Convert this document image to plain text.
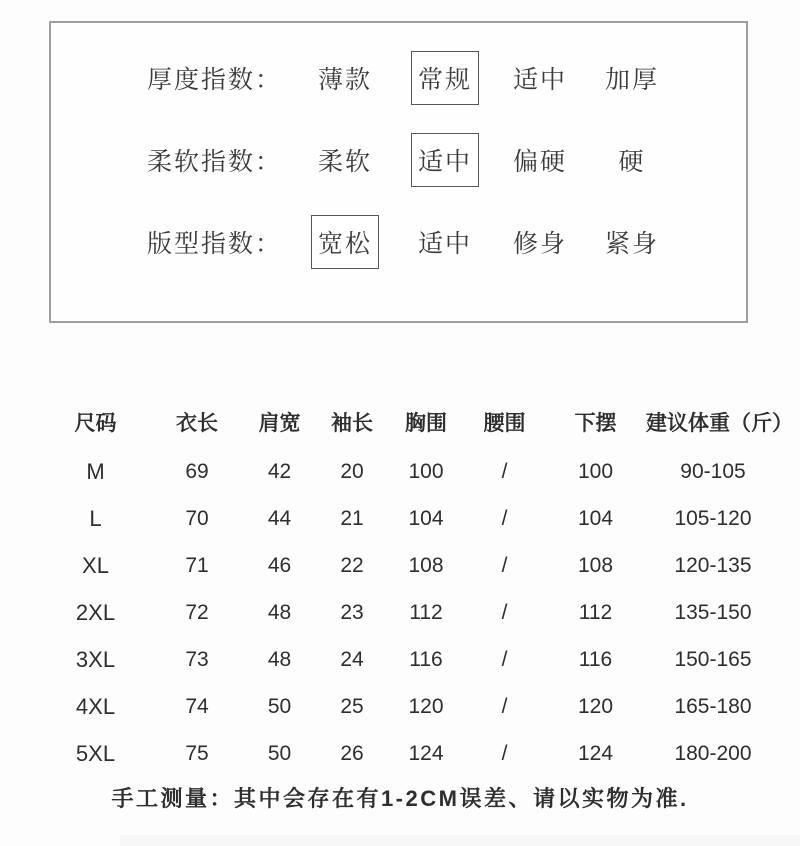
厚度指数：	薄款 常规 适中 加厚
柔软指数：	柔软 适中 偏硬 硬
版型指数：	宽松 适中 修身 紧身
尺码	衣长	肩宽	袖长	胸围	腰围	下摆	建议体重（斤）
M	69	42	20	100	/	100	90-105
L	70	44	21	104	/	104	105-120
XL	71	46	22	108	/	108	120-135
2XL	72	48	23	112	/	112	135-150
3XL	73	48	24	116	/	116	150-165
4XL	74	50	25	120	/	120	165-180
5XL	75	50	26	124	/	124	180-200
手工测量：其中会存在有1-2CM误差、请以实物为准.
